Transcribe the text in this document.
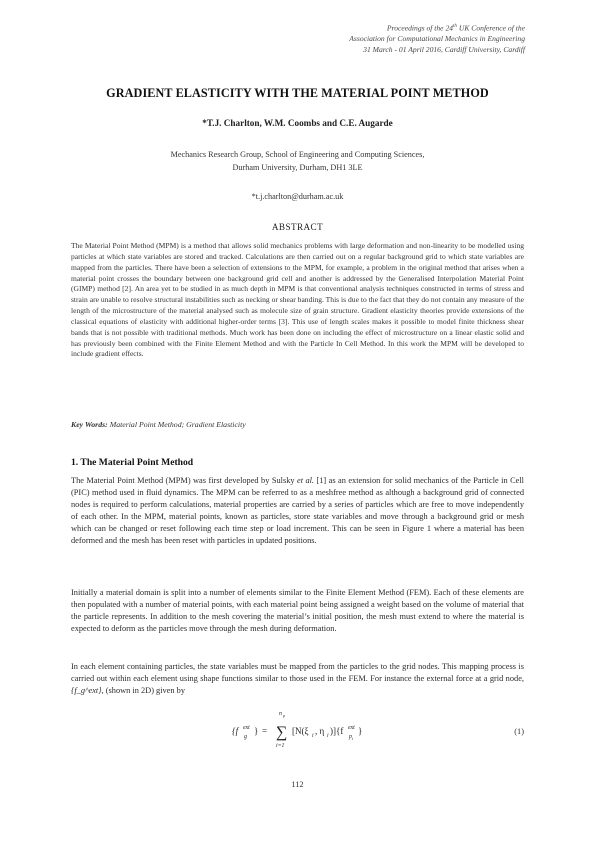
Proceedings of the 24th UK Conference of the
Association for Computational Mechanics in Engineering
31 March - 01 April 2016, Cardiff University, Cardiff
GRADIENT ELASTICITY WITH THE MATERIAL POINT METHOD
*T.J. Charlton, W.M. Coombs and C.E. Augarde
Mechanics Research Group, School of Engineering and Computing Sciences,
Durham University, Durham, DH1 3LE
*t.j.charlton@durham.ac.uk
ABSTRACT
The Material Point Method (MPM) is a method that allows solid mechanics problems with large deformation and non-linearity to be modelled using particles at which state variables are stored and tracked. Calculations are then carried out on a regular background grid to which state variables are mapped from the particles. There have been a selection of extensions to the MPM, for example, a problem in the original method that arises when a material point crosses the boundary between one background grid cell and another is addressed by the Generalised Interpolation Material Point (GIMP) method [2]. An area yet to be studied in as much depth in MPM is that conventional analysis techniques constructed in terms of stress and strain are unable to resolve structural instabilities such as necking or shear banding. This is due to the fact that they do not contain any measure of the length of the microstructure of the material analysed such as molecule size of grain structure. Gradient elasticity theories provide extensions of the classical equations of elasticity with additional higher-order terms [3]. This use of length scales makes it possible to model finite thickness shear bands that is not possible with traditional methods. Much work has been done on including the effect of microstructure on a linear elastic solid and has previously been combined with the Finite Element Method and with the Particle In Cell Method. In this work the MPM will be developed to include gradient effects.
Key Words: Material Point Method; Gradient Elasticity
1. The Material Point Method
The Material Point Method (MPM) was first developed by Sulsky et al. [1] as an extension for solid mechanics of the Particle in Cell (PIC) method used in fluid dynamics. The MPM can be referred to as a meshfree method as although a background grid of connected nodes is required to perform calculations, material properties are carried by a series of particles which are free to move independently of each other. In the MPM, material points, known as particles, store state variables and move through a background grid or mesh which can be changed or reset following each time step or load increment. This can be seen in Figure 1 where a material has been deformed and the mesh has been reset with particles in updated positions.
Initially a material domain is split into a number of elements similar to the Finite Element Method (FEM). Each of these elements are then populated with a number of material points, with each material point being assigned a weight based on the volume of material that the particle represents. In addition to the mesh covering the material’s initial position, the mesh must extend to where the material is expected to deform as the particles move through the mesh during deformation.
In each element containing particles, the state variables must be mapped from the particles to the grid nodes. This mapping process is carried out within each element using shape functions similar to those used in the FEM. For instance the external force at a grid node, {f_g^ext}, (shown in 2D) given by
{f
g
ext } =
n p
∑
i=1
[N(ξ i , η i )]{f
p i
ext }	(1)
112
